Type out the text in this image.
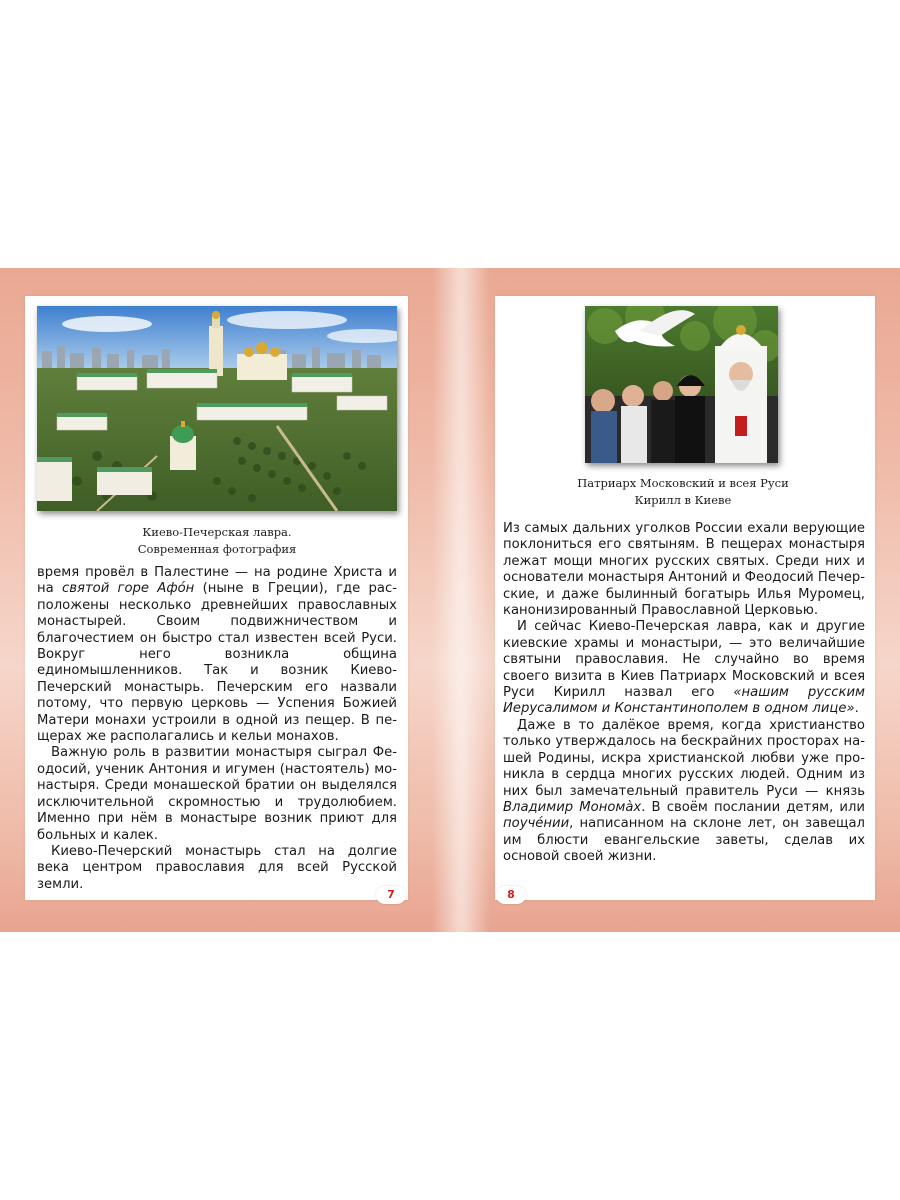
Киево-Печерская лавра.
Современная фотография

время провёл в Палестине — на родине Христа и на святой горе Афо́н (ныне в Греции), где расположены несколько древнейших православных монастырей. Своим подвижничеством и благочестием он быстро стал известен всей Руси. Вокруг него возникла община единомышленников. Так и возник Киево-Печерский монастырь. Печерским его назвали потому, что первую церковь — Успения Божией Матери монахи устроили в одной из пещер. В пещерах же располагались и кельи монахов.

Важную роль в развитии монастыря сыграл Феодосий, ученик Антония и игумен (настоятель) монастыря. Среди монашеской братии он выделялся исключительной скромностью и трудолюбием. Именно при нём в монастыре возник приют для больных и калек.

Киево-Печерский монастырь стал на долгие века центром православия для всей Русской земли.

7
Патриарх Московский и всея Руси
Кирилл в Киеве

Из самых дальних уголков России ехали верующие поклониться его святыням. В пещерах монастыря лежат мощи многих русских святых. Среди них и основатели монастыря Антоний и Феодосий Печерские, и даже былинный богатырь Илья Муромец, канонизированный Православной Церковью.

И сейчас Киево-Печерская лавра, как и другие киевские храмы и монастыри, — это величайшие святыни православия. Не случайно во время своего визита в Киев Патриарх Московский и всея Руси Кирилл назвал его «нашим русским Иерусалимом и Константинополем в одном лице».

Даже в то далёкое время, когда христианство только утверждалось на бескрайних просторах нашей Родины, искра христианской любви уже проникла в сердца многих русских людей. Одним из них был замечательный правитель Руси — князь Владимир Мономàх. В своём послании детям, или поучéнии, написанном на склоне лет, он завещал им блюсти евангельские заветы, сделав их основой своей жизни.

8
